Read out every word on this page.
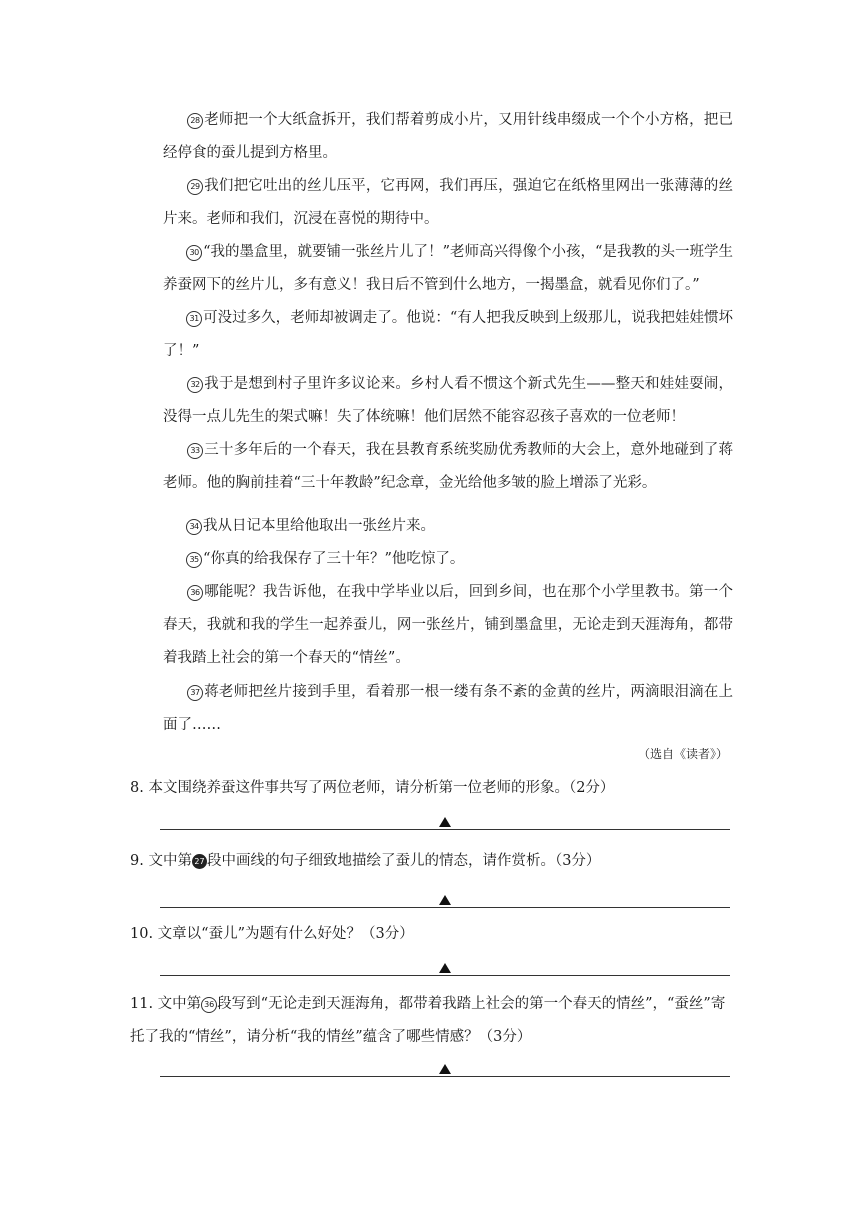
28 老师把一个大纸盒拆开，我们帮着剪成小片，又用针线串缀成一个个小方格，把已经停食的蚕儿提到方格里。

29 我们把它吐出的丝儿压平，它再网，我们再压，强迫它在纸格里网出一张薄薄的丝片来。老师和我们，沉浸在喜悦的期待中。

30 “我的墨盒里，就要铺一张丝片儿了！”老师高兴得像个小孩，“是我教的头一班学生养蚕网下的丝片儿，多有意义！我日后不管到什么地方，一揭墨盒，就看见你们了。”

31 可没过多久，老师却被调走了。他说：“有人把我反映到上级那儿，说我把娃娃惯坏了！”

32 我于是想到村子里许多议论来。乡村人看不惯这个新式先生——整天和娃娃耍闹，没得一点儿先生的架式嘛！失了体统嘛！他们居然不能容忍孩子喜欢的一位老师！

33 三十多年后的一个春天，我在县教育系统奖励优秀教师的大会上，意外地碰到了蒋老师。他的胸前挂着“三十年教龄”纪念章，金光给他多皱的脸上增添了光彩。

34 我从日记本里给他取出一张丝片来。

35 “你真的给我保存了三十年？”他吃惊了。

36 哪能呢？我告诉他，在我中学毕业以后，回到乡间，也在那个小学里教书。第一个春天，我就和我的学生一起养蚕儿，网一张丝片，铺到墨盒里，无论走到天涯海角，都带着我踏上社会的第一个春天的“情丝”。

37 蒋老师把丝片接到手里，看着那一根一缕有条不紊的金黄的丝片，两滴眼泪滴在上面了……

（选自《读者》）

8. 本文围绕养蚕这件事共写了两位老师，请分析第一位老师的形象。（2分）

9. 文中第 27 段中画线的句子细致地描绘了蚕儿的情态，请作赏析。（3分）

10. 文章以“蚕儿”为题有什么好处？（3分）

11. 文中第 36 段写到“无论走到天涯海角，都带着我踏上社会的第一个春天的情丝”，“蚕丝”寄托了我的“情丝”，请分析“我的情丝”蕴含了哪些情感？（3分）
